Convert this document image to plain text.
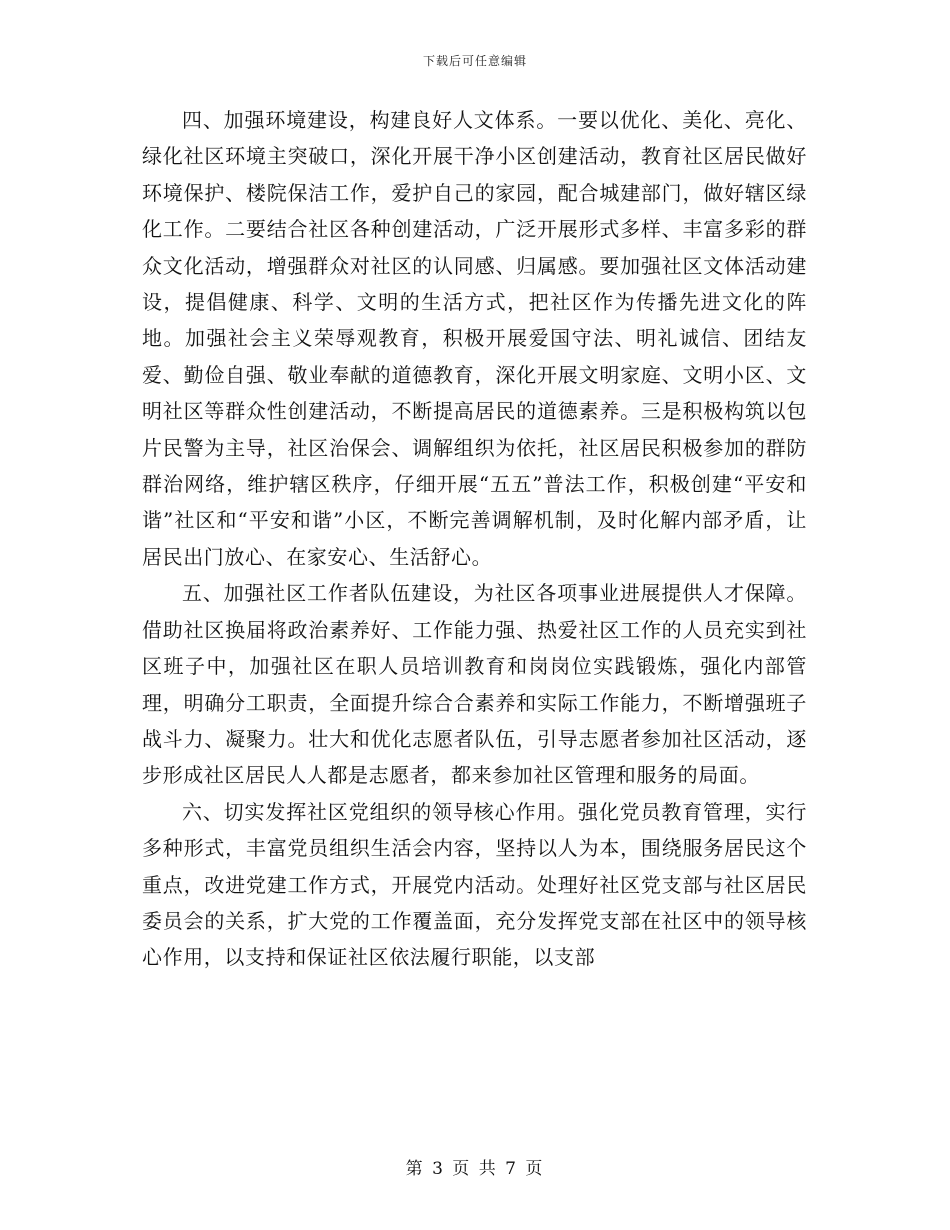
下载后可任意编辑

四、加强环境建设，构建良好人文体系。一要以优化、美化、亮化、绿化社区环境主突破口，深化开展干净小区创建活动，教育社区居民做好环境保护、楼院保洁工作，爱护自己的家园，配合城建部门，做好辖区绿化工作。二要结合社区各种创建活动，广泛开展形式多样、丰富多彩的群众文化活动，增强群众对社区的认同感、归属感。要加强社区文体活动建设，提倡健康、科学、文明的生活方式，把社区作为传播先进文化的阵地。加强社会主义荣辱观教育，积极开展爱国守法、明礼诚信、团结友爱、勤俭自强、敬业奉献的道德教育，深化开展文明家庭、文明小区、文明社区等群众性创建活动，不断提高居民的道德素养。三是积极构筑以包片民警为主导，社区治保会、调解组织为依托，社区居民积极参加的群防群治网络，维护辖区秩序，仔细开展“五五”普法工作，积极创建“平安和谐”社区和“平安和谐”小区，不断完善调解机制，及时化解内部矛盾，让居民出门放心、在家安心、生活舒心。

五、加强社区工作者队伍建设，为社区各项事业进展提供人才保障。借助社区换届将政治素养好、工作能力强、热爱社区工作的人员充实到社区班子中，加强社区在职人员培训教育和岗岗位实践锻炼，强化内部管理，明确分工职责，全面提升综合合素养和实际工作能力，不断增强班子战斗力、凝聚力。壮大和优化志愿者队伍，引导志愿者参加社区活动，逐步形成社区居民人人都是志愿者，都来参加社区管理和服务的局面。

六、切实发挥社区党组织的领导核心作用。强化党员教育管理，实行多种形式，丰富党员组织生活会内容，坚持以人为本，围绕服务居民这个重点，改进党建工作方式，开展党内活动。处理好社区党支部与社区居民委员会的关系，扩大党的工作覆盖面，充分发挥党支部在社区中的领导核心作用，以支持和保证社区依法履行职能，以支部

第 3 页 共 7 页
